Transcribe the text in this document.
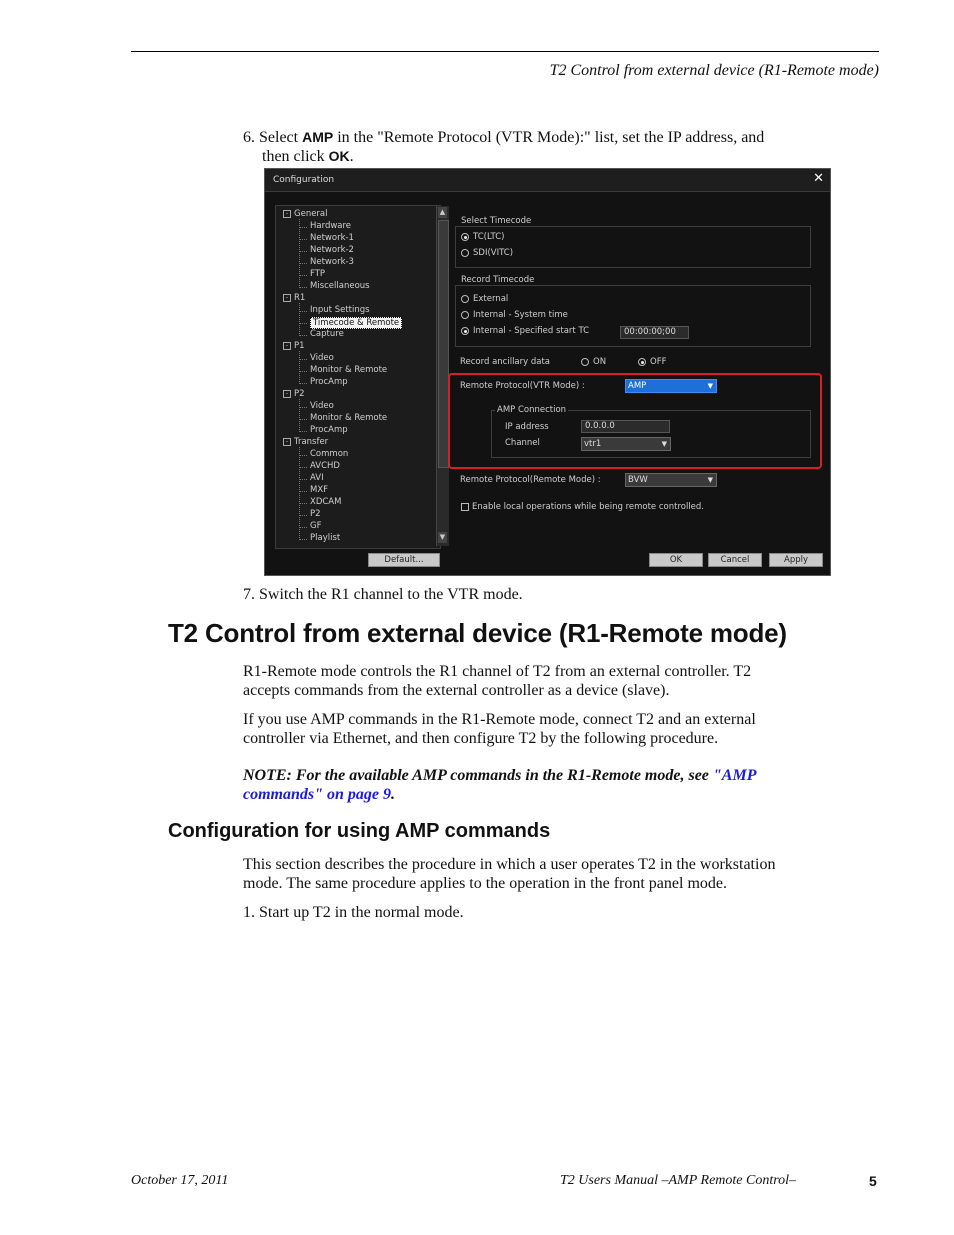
T2 Control from external device (R1-Remote mode)
6. Select AMP in the "Remote Protocol (VTR Mode):" list, set the IP address, and
then click OK.
Configuration	✕
▲
▼
- General
Hardware
Network-1
Network-2
Network-3
FTP
Miscellaneous
- R1
Input Settings
Timecode & Remote
Capture
- P1
Video
Monitor & Remote
ProcAmp
- P2
Video
Monitor & Remote
ProcAmp
- Transfer
Common
AVCHD
AVI
MXF
XDCAM
P2
GF
Playlist
Select Timecode
TC(LTC)
SDI(VITC)
Record Timecode
External
Internal - System time
Internal - Specified start TC	00:00:00;00
Record ancillary data	ON	OFF
Remote Protocol(VTR Mode) :	AMP	▼
AMP Connection
IP address	0.0.0.0
Channel	vtr1	▼
Remote Protocol(Remote Mode) :	BVW	▼
Enable local operations while being remote controlled.
Default...	OK	Cancel	Apply
7. Switch the R1 channel to the VTR mode.
T2 Control from external device (R1-Remote mode)
R1-Remote mode controls the R1 channel of T2 from an external controller. T2
accepts commands from the external controller as a device (slave).
If you use AMP commands in the R1-Remote mode, connect T2 and an external
controller via Ethernet, and then configure T2 by the following procedure.
NOTE: For the available AMP commands in the R1-Remote mode, see "AMP
commands" on page 9.
Configuration for using AMP commands
This section describes the procedure in which a user operates T2 in the workstation
mode. The same procedure applies to the operation in the front panel mode.
1. Start up T2 in the normal mode.
October 17, 2011	T2 Users Manual –AMP Remote Control–	5
